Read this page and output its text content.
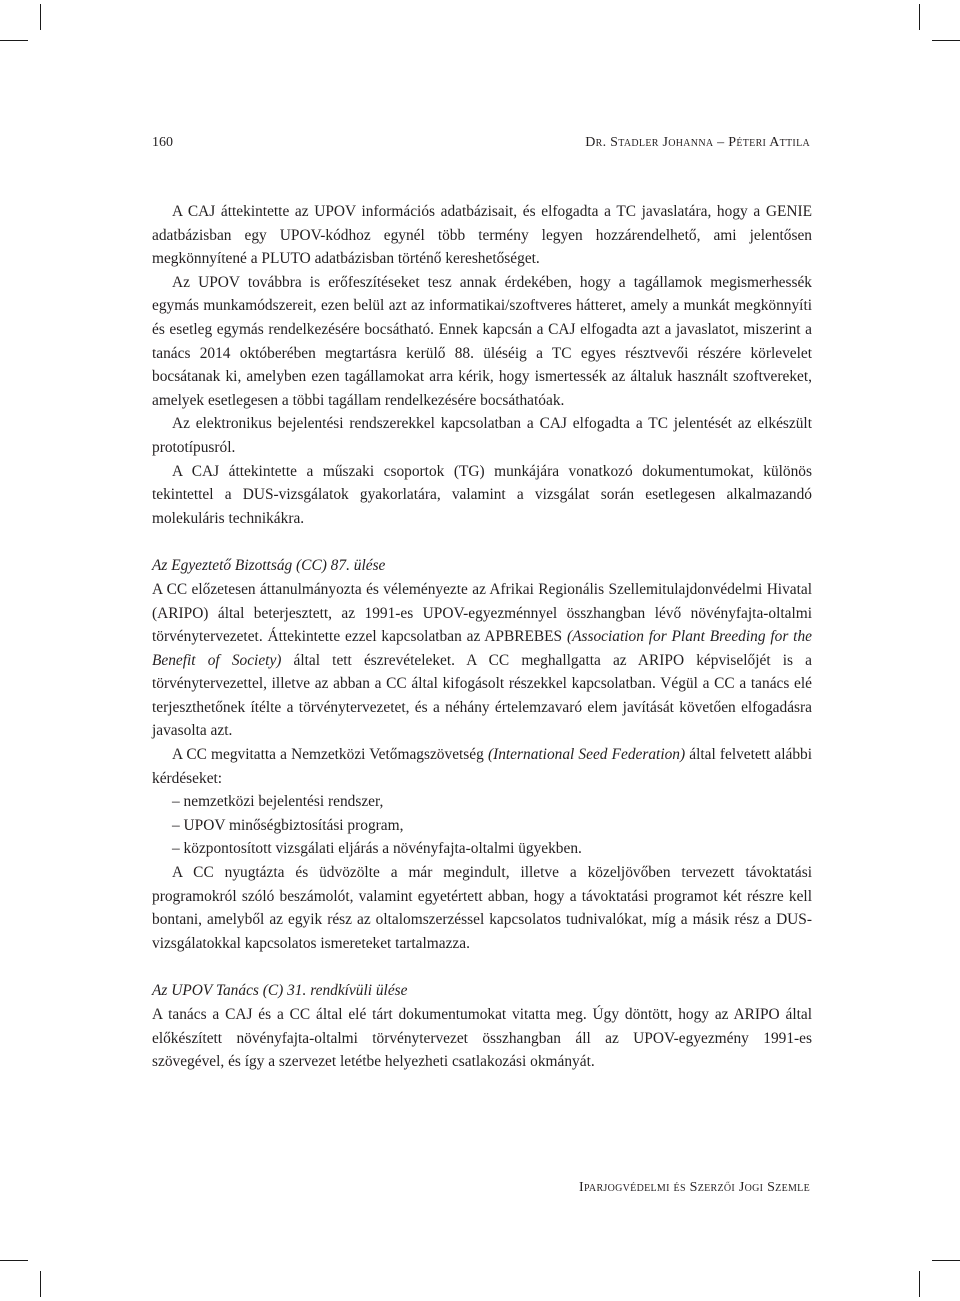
160	Dr. Stadler Johanna – Péteri Attila

A CAJ áttekintette az UPOV információs adatbázisait, és elfogadta a TC javaslatára, hogy a GENIE adatbázisban egy UPOV-kódhoz egynél több termény legyen hozzárendelhető, ami jelentősen megkönnyítené a PLUTO adatbázisban történő kereshetőséget.

Az UPOV továbbra is erőfeszítéseket tesz annak érdekében, hogy a tagállamok megismerhessék egymás munkamódszereit, ezen belül azt az informatikai/szoftveres hátteret, amely a munkát megkönnyíti és esetleg egymás rendelkezésére bocsátható. Ennek kapcsán a CAJ elfogadta azt a javaslatot, miszerint a tanács 2014 októberében megtartásra kerülő 88. üléséig a TC egyes résztvevői részére körlevelet bocsátanak ki, amelyben ezen tagállamokat arra kérik, hogy ismertessék az általuk használt szoftvereket, amelyek esetlegesen a többi tagállam rendelkezésére bocsáthatóak.

Az elektronikus bejelentési rendszerekkel kapcsolatban a CAJ elfogadta a TC jelentését az elkészült prototípusról.

A CAJ áttekintette a műszaki csoportok (TG) munkájára vonatkozó dokumentumokat, különös tekintettel a DUS-vizsgálatok gyakorlatára, valamint a vizsgálat során esetlegesen alkalmazandó molekuláris technikákra.

Az Egyeztető Bizottság (CC) 87. ülése

A CC előzetesen áttanulmányozta és véleményezte az Afrikai Regionális Szellemitulajdonvédelmi Hivatal (ARIPO) által beterjesztett, az 1991-es UPOV-egyezménnyel összhangban lévő növényfajta-oltalmi törvénytervezetet. Áttekintette ezzel kapcsolatban az APBREBES (Association for Plant Breeding for the Benefit of Society) által tett észrevételeket. A CC meghallgatta az ARIPO képviselőjét is a törvénytervezettel, illetve az abban a CC által kifogásolt részekkel kapcsolatban. Végül a CC a tanács elé terjeszthetőnek ítélte a törvénytervezetet, és a néhány értelemzavaró elem javítását követően elfogadásra javasolta azt.

A CC megvitatta a Nemzetközi Vetőmagszövetség (International Seed Federation) által felvetett alábbi kérdéseket:

– nemzetközi bejelentési rendszer,
– UPOV minőségbiztosítási program,
– központosított vizsgálati eljárás a növényfajta-oltalmi ügyekben.

A CC nyugtázta és üdvözölte a már megindult, illetve a közeljövőben tervezett távoktatási programokról szóló beszámolót, valamint egyetértett abban, hogy a távoktatási programot két részre kell bontani, amelyből az egyik rész az oltalomszerzéssel kapcsolatos tudnivalókat, míg a másik rész a DUS-vizsgálatokkal kapcsolatos ismereteket tartalmazza.

Az UPOV Tanács (C) 31. rendkívüli ülése

A tanács a CAJ és a CC által elé tárt dokumentumokat vitatta meg. Úgy döntött, hogy az ARIPO által előkészített növényfajta-oltalmi törvénytervezet összhangban áll az UPOV-egyezmény 1991-es szövegével, és így a szervezet letétbe helyezheti csatlakozási okmányát.

Iparjogvédelmi és Szerzői Jogi Szemle
